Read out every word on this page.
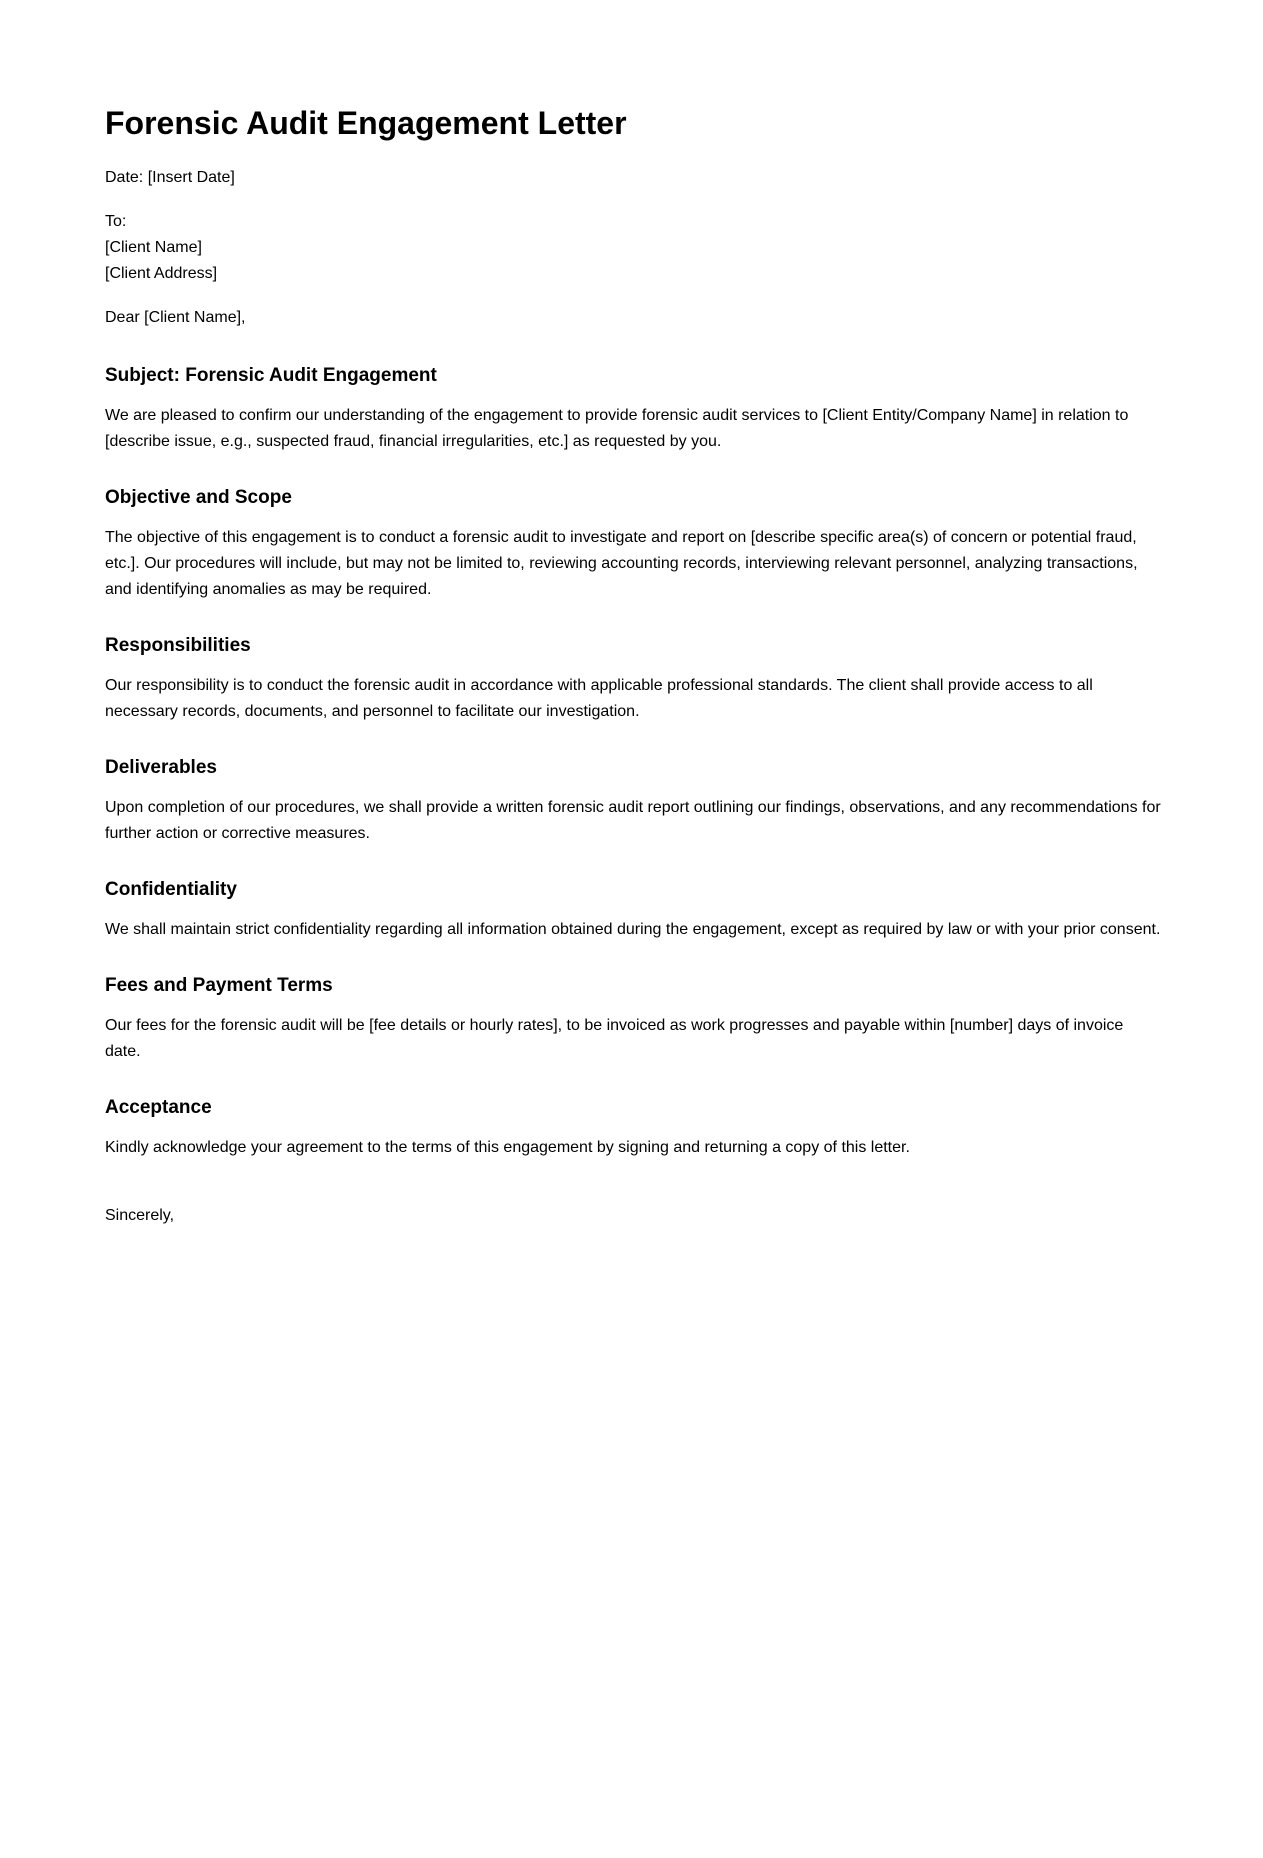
Forensic Audit Engagement Letter

Date: [Insert Date]

To:
[Client Name]
[Client Address]

Dear [Client Name],

Subject: Forensic Audit Engagement

We are pleased to confirm our understanding of the engagement to provide forensic audit services to [Client Entity/Company Name] in relation to [describe issue, e.g., suspected fraud, financial irregularities, etc.] as requested by you.

Objective and Scope

The objective of this engagement is to conduct a forensic audit to investigate and report on [describe specific area(s) of concern or potential fraud, etc.]. Our procedures will include, but may not be limited to, reviewing accounting records, interviewing relevant personnel, analyzing transactions, and identifying anomalies as may be required.

Responsibilities

Our responsibility is to conduct the forensic audit in accordance with applicable professional standards. The client shall provide access to all necessary records, documents, and personnel to facilitate our investigation.

Deliverables

Upon completion of our procedures, we shall provide a written forensic audit report outlining our findings, observations, and any recommendations for further action or corrective measures.

Confidentiality

We shall maintain strict confidentiality regarding all information obtained during the engagement, except as required by law or with your prior consent.

Fees and Payment Terms

Our fees for the forensic audit will be [fee details or hourly rates], to be invoiced as work progresses and payable within [number] days of invoice date.

Acceptance

Kindly acknowledge your agreement to the terms of this engagement by signing and returning a copy of this letter.

Sincerely,
